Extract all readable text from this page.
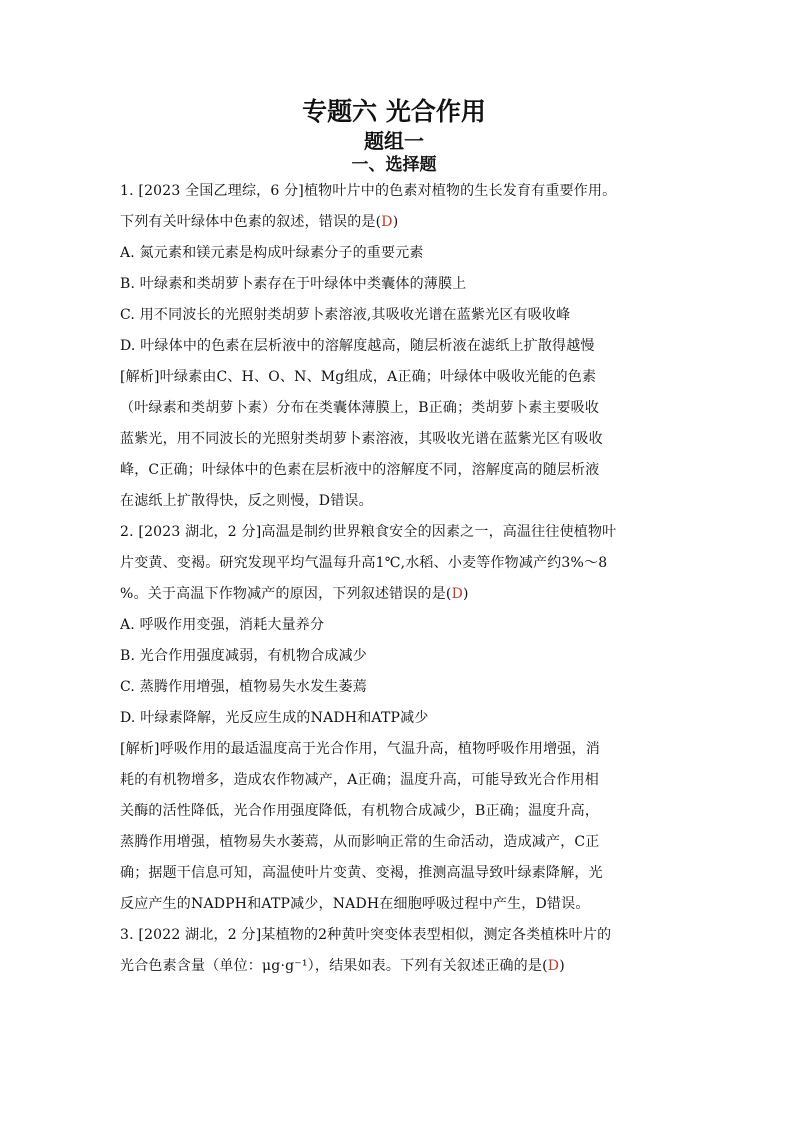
专题六 光合作用
题组一
一、选择题

1. [2023 全国乙理综，6 分]植物叶片中的色素对植物的生长发育有重要作用。

下列有关叶绿体中色素的叙述，错误的是(D)

A. 氮元素和镁元素是构成叶绿素分子的重要元素

B. 叶绿素和类胡萝卜素存在于叶绿体中类囊体的薄膜上

C. 用不同波长的光照射类胡萝卜素溶液,其吸收光谱在蓝紫光区有吸收峰

D. 叶绿体中的色素在层析液中的溶解度越高，随层析液在滤纸上扩散得越慢

[解析]叶绿素由C、H、O、N、Mg组成，A正确；叶绿体中吸收光能的色素

（叶绿素和类胡萝卜素）分布在类囊体薄膜上，B正确；类胡萝卜素主要吸收

蓝紫光，用不同波长的光照射类胡萝卜素溶液，其吸收光谱在蓝紫光区有吸收

峰，C正确；叶绿体中的色素在层析液中的溶解度不同，溶解度高的随层析液

在滤纸上扩散得快，反之则慢，D错误。

2. [2023 湖北，2 分]高温是制约世界粮食安全的因素之一，高温往往使植物叶

片变黄、变褐。研究发现平均气温每升高1℃,水稻、小麦等作物减产约3%～8

%。关于高温下作物减产的原因，下列叙述错误的是(D)

A. 呼吸作用变强，消耗大量养分

B. 光合作用强度减弱，有机物合成减少

C. 蒸腾作用增强，植物易失水发生萎蔫

D. 叶绿素降解，光反应生成的NADH和ATP减少

[解析]呼吸作用的最适温度高于光合作用，气温升高，植物呼吸作用增强，消

耗的有机物增多，造成农作物减产，A正确；温度升高，可能导致光合作用相

关酶的活性降低，光合作用强度降低，有机物合成减少，B正确；温度升高，

蒸腾作用增强，植物易失水萎蔫，从而影响正常的生命活动，造成减产，C正

确；据题干信息可知，高温使叶片变黄、变褐，推测高温导致叶绿素降解，光

反应产生的NADPH和ATP减少，NADH在细胞呼吸过程中产生，D错误。

3. [2022 湖北，2 分]某植物的2种黄叶突变体表型相似，测定各类植株叶片的

光合色素含量（单位：μg·g⁻¹），结果如表。下列有关叙述正确的是(D)
